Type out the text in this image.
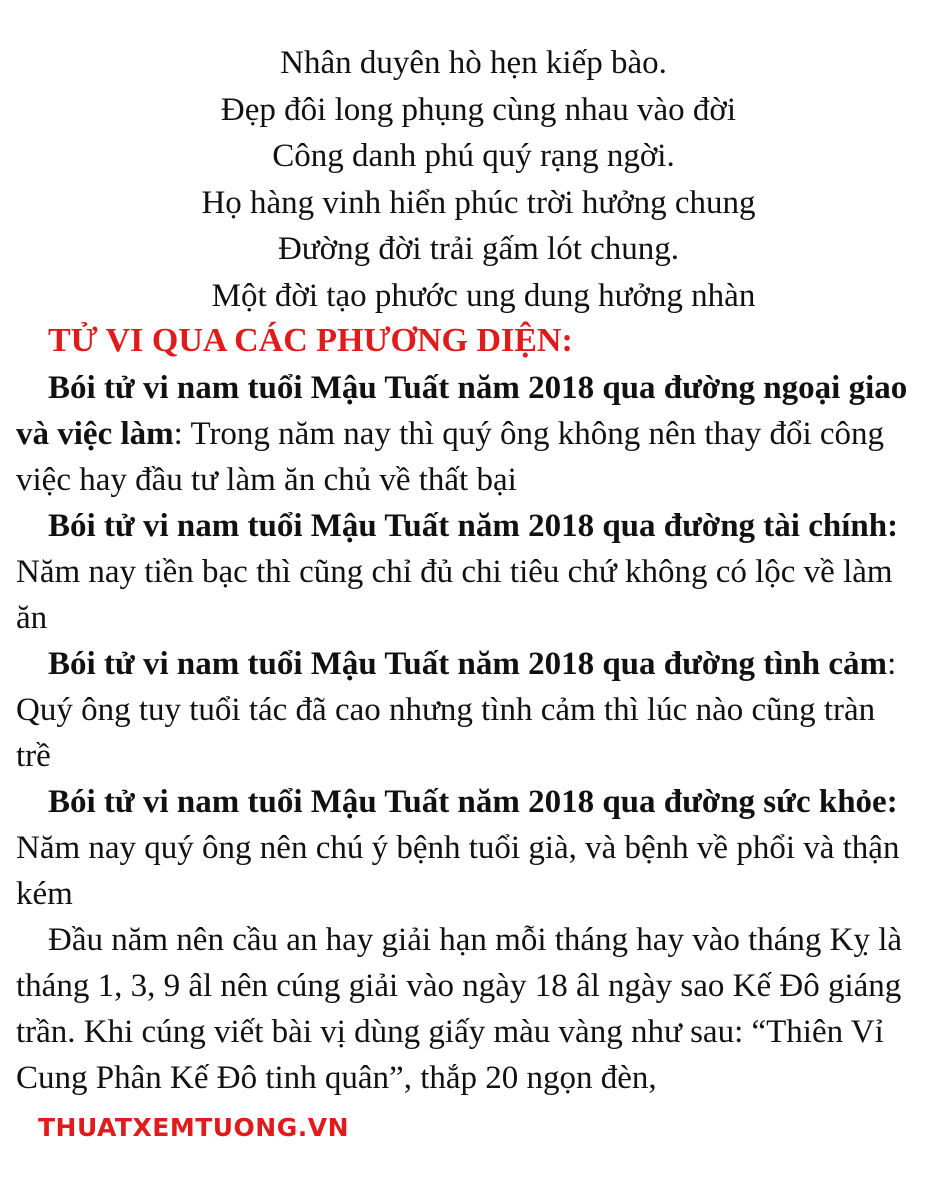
Nhân duyên hò hẹn kiếp bào.
Đẹp đôi long phụng cùng nhau vào đời
Công danh phú quý rạng ngời.
Họ hàng vinh hiển phúc trời hưởng chung
Đường đời trải gấm lót chung.
Một đời tạo phước ung dung hưởng nhàn
TỬ VI QUA CÁC PHƯƠNG DIỆN:

Bói tử vi nam tuổi Mậu Tuất năm 2018 qua đường ngoại giao và việc làm: Trong năm nay thì quý ông không nên thay đổi công việc hay đầu tư làm ăn chủ về thất bại

Bói tử vi nam tuổi Mậu Tuất năm 2018 qua đường tài chính: Năm nay tiền bạc thì cũng chỉ đủ chi tiêu chứ không có lộc về làm ăn

Bói tử vi nam tuổi Mậu Tuất năm 2018 qua đường tình cảm: Quý ông tuy tuổi tác đã cao nhưng tình cảm thì lúc nào cũng tràn trề

Bói tử vi nam tuổi Mậu Tuất năm 2018 qua đường sức khỏe: Năm nay quý ông nên chú ý bệnh tuổi già, và bệnh về phổi và thận kém

Đầu năm nên cầu an hay giải hạn mỗi tháng hay vào tháng Kỵ là tháng 1, 3, 9 âl nên cúng giải vào ngày 18 âl ngày sao Kế Đô giáng trần. Khi cúng viết bài vị dùng giấy màu vàng như sau: “Thiên Vỉ Cung Phân Kế Đô tinh quân”, thắp 20 ngọn đèn,

THUATXEMTUONG.VN
